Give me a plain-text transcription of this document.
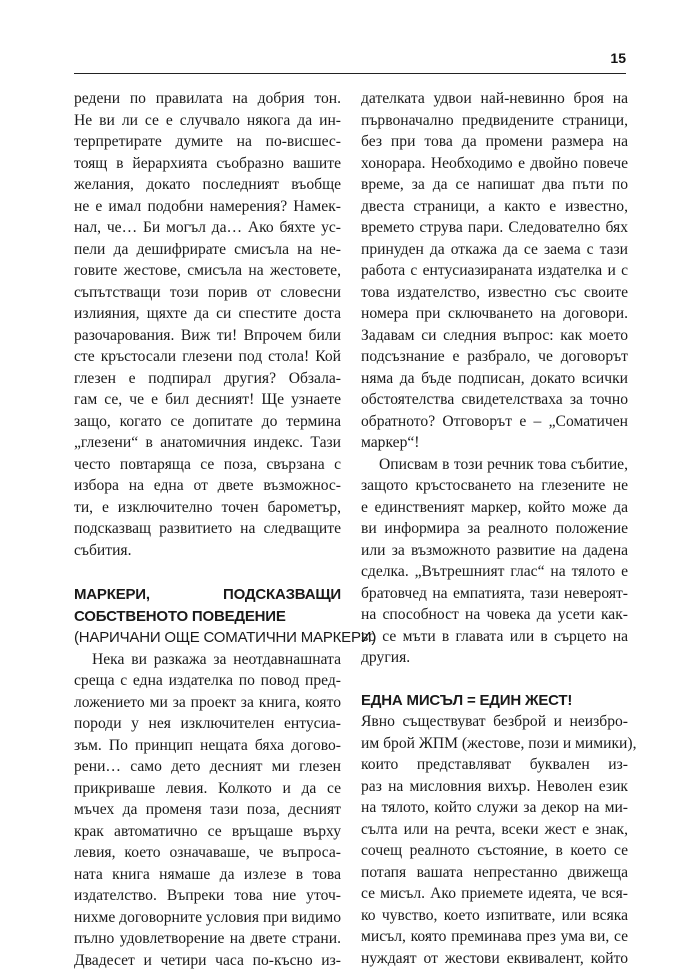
15
редени по правилата на добрия тон.
Не ви ли се е случвало някога да ин-
терпретирате думите на по-висшес-
тоящ в йерархията съобразно вашите
желания, докато последният въобще
не е имал подобни намерения? Намек-
нал, че… Би могъл да… Ако бяхте ус-
пели да дешифрирате смисъла на не-
говите жестове, смисъла на жестовете,
съпътстващи този порив от словесни
излияния, щяхте да си спестите доста
разочарования. Виж ти! Впрочем били
сте кръстосали глезени под стола! Кой
глезен е подпирал другия? Обзала-
гам се, че е бил десният! Ще узнаете
защо, когато се допитате до термина
„глезени“ в анатомичния индекс. Тази
често повтаряща се поза, свързана с
избора на една от двете възможнос-
ти, е изключително точен барометър,
подсказващ развитието на следващите
събития.
МАРКЕРИ, ПОДСКАЗВАЩИ
СОБСТВЕНОТО ПОВЕДЕНИЕ
(НАРИЧАНИ ОЩЕ СОМАТИЧНИ МАРКЕРИ)
Нека ви разкажа за неотдавнашната
среща с една издателка по повод пред-
ложението ми за проект за книга, която
породи у нея изключителен ентусиа-
зъм. По принцип нещата бяха догово-
рени… само дето десният ми глезен
прикриваше левия. Колкото и да се
мъчех да променя тази поза, десният
крак автоматично се връщаше върху
левия, което означаваше, че въпроса-
ната книга нямаше да излезе в това
издателство. Въпреки това ние уточ-
нихме договорните условия при видимо
пълно удовлетворение на двете страни.
Двадесет и четири часа по-късно из-
дателката удвои най-невинно броя на
първоначално предвидените страници,
без при това да промени размера на
хонорара. Необходимо е двойно повече
време, за да се напишат два пъти по
двеста страници, а както е известно,
времето струва пари. Следователно бях
принуден да откажа да се заема с тази
работа с ентусиазираната издателка и с
това издателство, известно със своите
номера при сключването на договори.
Задавам си следния въпрос: как моето
подсъзнание е разбрало, че договорът
няма да бъде подписан, докато всички
обстоятелства свидетелстваха за точно
обратното? Отговорът е – „Соматичен
маркер“!
Описвам в този речник това събитие,
защото кръстосването на глезените не
е единственият маркер, който може да
ви информира за реалното положение
или за възможното развитие на дадена
сделка. „Вътрешният глас“ на тялото е
братовчед на емпатията, тази невероят-
на способност на човека да усети как-
во се мъти в главата или в сърцето на
другия.
ЕДНА МИСЪЛ = ЕДИН ЖЕСТ!
Явно съществуват безброй и неизбро-
им брой ЖПМ (жестове, пози и мимики),
които представляват буквален из-
раз на мисловния вихър. Неволен език
на тялото, който служи за декор на ми-
сълта или на речта, всеки жест е знак,
сочещ реалното състояние, в което се
потапя вашата непрестанно движеща
се мисъл. Ако приемете идеята, че вся-
ко чувство, което изпитвате, или всяка
мисъл, която преминава през ума ви, се
нуждаят от жестови еквивалент, който
